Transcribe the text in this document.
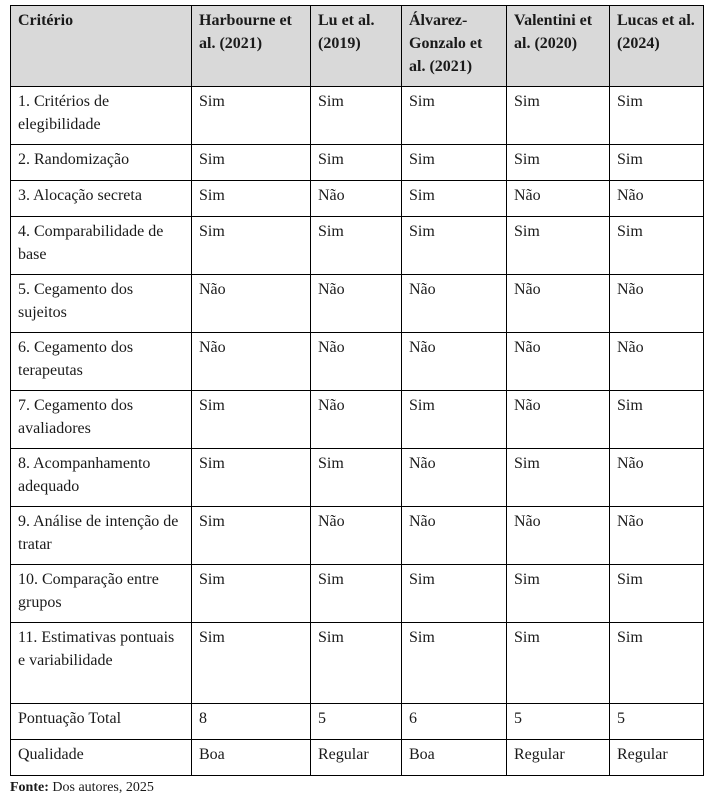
Critério	Harbourne et al. (2021)	Lu et al. (2019)	Álvarez-Gonzalo et al. (2021)	Valentini et al. (2020)	Lucas et al. (2024)
1. Critérios de elegibilidade	Sim	Sim	Sim	Sim	Sim
2. Randomização	Sim	Sim	Sim	Sim	Sim
3. Alocação secreta	Sim	Não	Sim	Não	Não
4. Comparabilidade de base	Sim	Sim	Sim	Sim	Sim
5. Cegamento dos sujeitos	Não	Não	Não	Não	Não
6. Cegamento dos terapeutas	Não	Não	Não	Não	Não
7. Cegamento dos avaliadores	Sim	Não	Sim	Não	Sim
8. Acompanhamento adequado	Sim	Sim	Não	Sim	Não
9. Análise de intenção de tratar	Sim	Não	Não	Não	Não
10. Comparação entre grupos	Sim	Sim	Sim	Sim	Sim
11. Estimativas pontuais e variabilidade	Sim	Sim	Sim	Sim	Sim
Pontuação Total	8	5	6	5	5
Qualidade	Boa	Regular	Boa	Regular	Regular
Fonte: Dos autores, 2025
